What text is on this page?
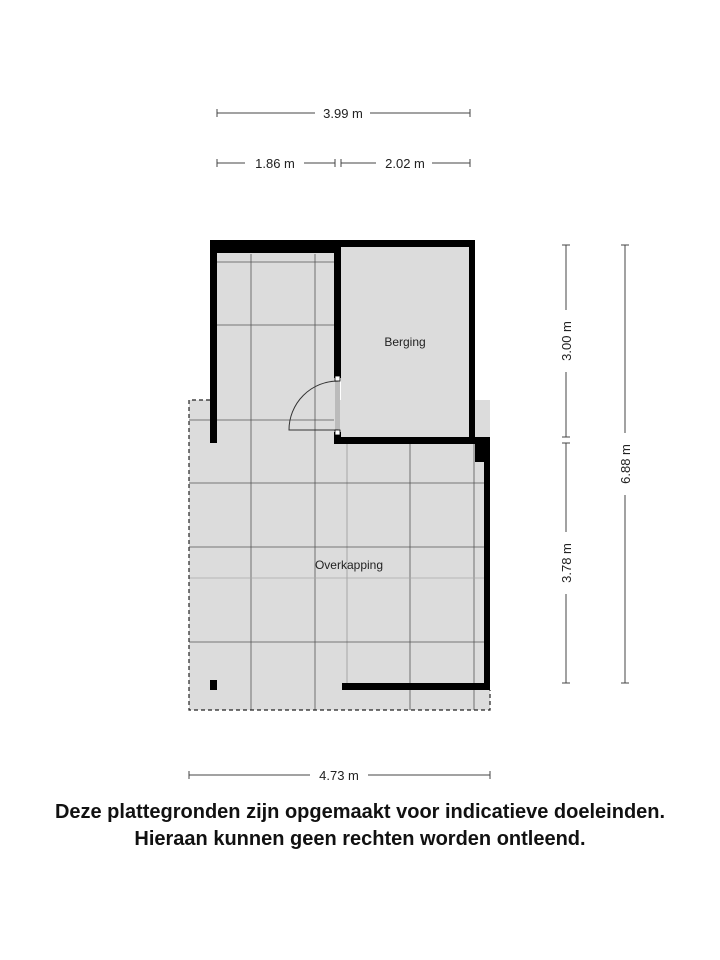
Berging
Overkapping
3.99 m
1.86 m	2.02 m
3.00 m
3.78 m
6.88 m
4.73 m
Deze plattegronden zijn opgemaakt voor indicatieve doeleinden.
Hieraan kunnen geen rechten worden ontleend.
